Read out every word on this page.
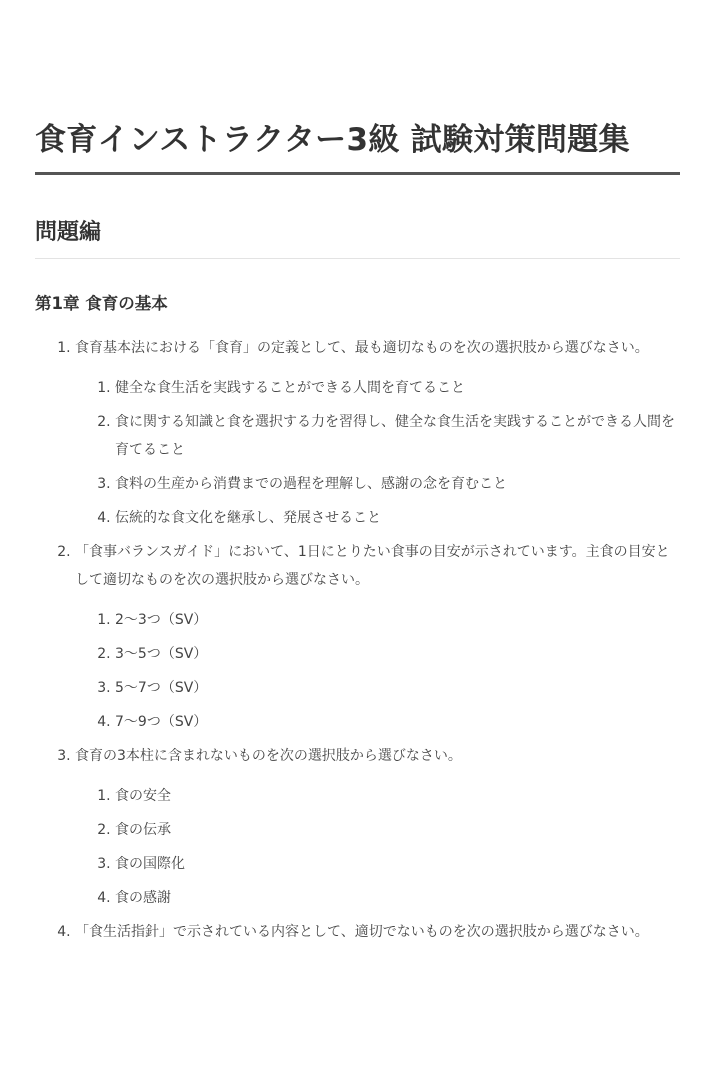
食育インストラクター3級 試験対策問題集
問題編
第1章 食育の基本
1. 食育基本法における「食育」の定義として、最も適切なものを次の選択肢から選びなさい。
1. 健全な食生活を実践することができる人間を育てること
2. 食に関する知識と食を選択する力を習得し、健全な食生活を実践することができる人間を育てること
3. 食料の生産から消費までの過程を理解し、感謝の念を育むこと
4. 伝統的な食文化を継承し、発展させること
2. 「食事バランスガイド」において、1日にとりたい食事の目安が示されています。主食の目安として適切なものを次の選択肢から選びなさい。
1. 2〜3つ（SV）
2. 3〜5つ（SV）
3. 5〜7つ（SV）
4. 7〜9つ（SV）
3. 食育の3本柱に含まれないものを次の選択肢から選びなさい。
1. 食の安全
2. 食の伝承
3. 食の国際化
4. 食の感謝
4. 「食生活指針」で示されている内容として、適切でないものを次の選択肢から選びなさい。
